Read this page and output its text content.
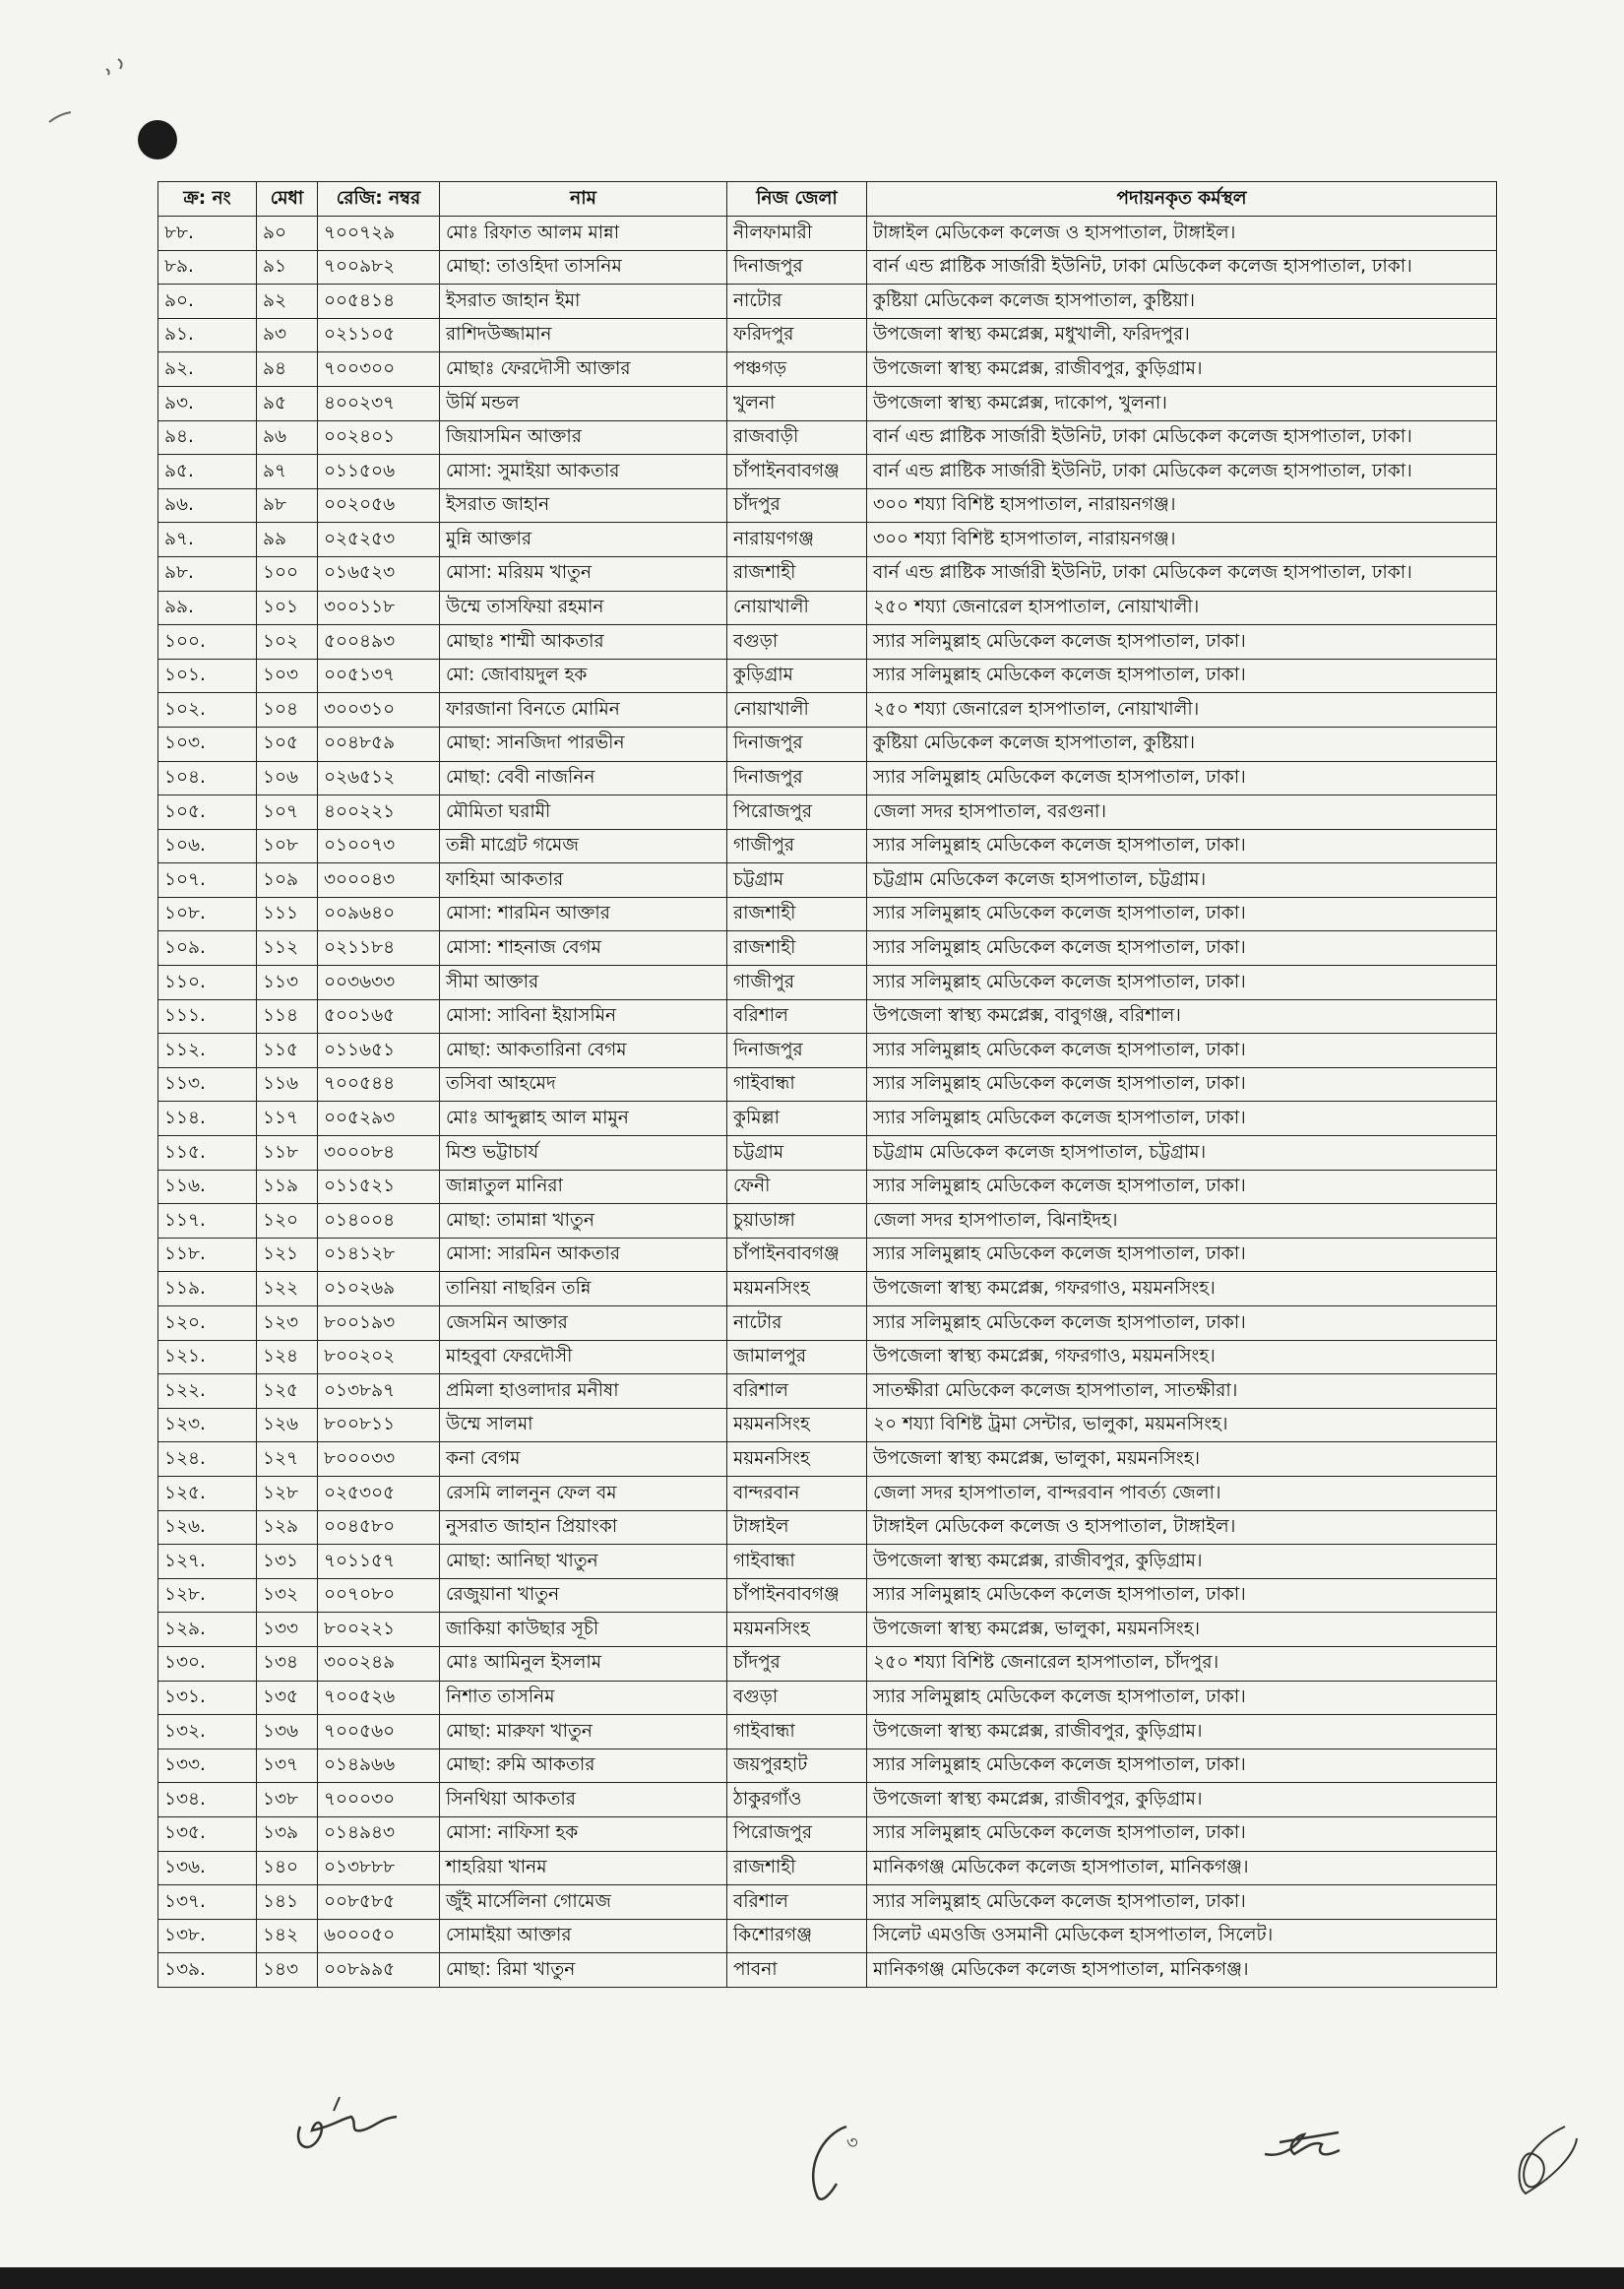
ক্র: নং	মেধা	রেজি: নম্বর	নাম	নিজ জেলা	পদায়নকৃত কর্মস্থল
৮৮.	৯০	৭০০৭২৯	মোঃ রিফাত আলম মান্না	নীলফামারী	টাঙ্গাইল মেডিকেল কলেজ ও হাসপাতাল, টাঙ্গাইল।
৮৯.	৯১	৭০০৯৮২	মোছা: তাওহিদা তাসনিম	দিনাজপুর	বার্ন এন্ড প্লাষ্টিক সার্জারী ইউনিট, ঢাকা মেডিকেল কলেজ হাসপাতাল, ঢাকা।
৯০.	৯২	০০৫৪১৪	ইসরাত জাহান ইমা	নাটোর	কুষ্টিয়া মেডিকেল কলেজ হাসপাতাল, কুষ্টিয়া।
৯১.	৯৩	০২১১০৫	রাশিদউজ্জামান	ফরিদপুর	উপজেলা স্বাস্থ্য কমপ্লেক্স, মধুখালী, ফরিদপুর।
৯২.	৯৪	৭০০৩০০	মোছাঃ ফেরদৌসী আক্তার	পঞ্চগড়	উপজেলা স্বাস্থ্য কমপ্লেক্স, রাজীবপুর, কুড়িগ্রাম।
৯৩.	৯৫	৪০০২৩৭	উর্মি মন্ডল	খুলনা	উপজেলা স্বাস্থ্য কমপ্লেক্স, দাকোপ, খুলনা।
৯৪.	৯৬	০০২৪০১	জিয়াসমিন আক্তার	রাজবাড়ী	বার্ন এন্ড প্লাষ্টিক সার্জারী ইউনিট, ঢাকা মেডিকেল কলেজ হাসপাতাল, ঢাকা।
৯৫.	৯৭	০১১৫০৬	মোসা: সুমাইয়া আকতার	চাঁপাইনবাবগঞ্জ	বার্ন এন্ড প্লাষ্টিক সার্জারী ইউনিট, ঢাকা মেডিকেল কলেজ হাসপাতাল, ঢাকা।
৯৬.	৯৮	০০২০৫৬	ইসরাত জাহান	চাঁদপুর	৩০০ শয্যা বিশিষ্ট হাসপাতাল, নারায়নগঞ্জ।
৯৭.	৯৯	০২৫২৫৩	মুন্নি আক্তার	নারায়ণগঞ্জ	৩০০ শয্যা বিশিষ্ট হাসপাতাল, নারায়নগঞ্জ।
৯৮.	১০০	০১৬৫২৩	মোসা: মরিয়ম খাতুন	রাজশাহী	বার্ন এন্ড প্লাষ্টিক সার্জারী ইউনিট, ঢাকা মেডিকেল কলেজ হাসপাতাল, ঢাকা।
৯৯.	১০১	৩০০১১৮	উম্মে তাসফিয়া রহমান	নোয়াখালী	২৫০ শয্যা জেনারেল হাসপাতাল, নোয়াখালী।
১০০.	১০২	৫০০৪৯৩	মোছাঃ শাম্মী আকতার	বগুড়া	স্যার সলিমুল্লাহ মেডিকেল কলেজ হাসপাতাল, ঢাকা।
১০১.	১০৩	০০৫১৩৭	মো: জোবায়দুল হক	কুড়িগ্রাম	স্যার সলিমুল্লাহ মেডিকেল কলেজ হাসপাতাল, ঢাকা।
১০২.	১০৪	৩০০৩১০	ফারজানা বিনতে মোমিন	নোয়াখালী	২৫০ শয্যা জেনারেল হাসপাতাল, নোয়াখালী।
১০৩.	১০৫	০০৪৮৫৯	মোছা: সানজিদা পারভীন	দিনাজপুর	কুষ্টিয়া মেডিকেল কলেজ হাসপাতাল, কুষ্টিয়া।
১০৪.	১০৬	০২৬৫১২	মোছা: বেবী নাজনিন	দিনাজপুর	স্যার সলিমুল্লাহ মেডিকেল কলেজ হাসপাতাল, ঢাকা।
১০৫.	১০৭	৪০০২২১	মৌমিতা ঘরামী	পিরোজপুর	জেলা সদর হাসপাতাল, বরগুনা।
১০৬.	১০৮	০১০০৭৩	তন্নী মাগ্রেট গমেজ	গাজীপুর	স্যার সলিমুল্লাহ মেডিকেল কলেজ হাসপাতাল, ঢাকা।
১০৭.	১০৯	৩০০০৪৩	ফাহিমা আকতার	চট্টগ্রাম	চট্টগ্রাম মেডিকেল কলেজ হাসপাতাল, চট্টগ্রাম।
১০৮.	১১১	০০৯৬৪০	মোসা: শারমিন আক্তার	রাজশাহী	স্যার সলিমুল্লাহ মেডিকেল কলেজ হাসপাতাল, ঢাকা।
১০৯.	১১২	০২১১৮৪	মোসা: শাহনাজ বেগম	রাজশাহী	স্যার সলিমুল্লাহ মেডিকেল কলেজ হাসপাতাল, ঢাকা।
১১০.	১১৩	০০৩৬৩৩	সীমা আক্তার	গাজীপুর	স্যার সলিমুল্লাহ মেডিকেল কলেজ হাসপাতাল, ঢাকা।
১১১.	১১৪	৫০০১৬৫	মোসা: সাবিনা ইয়াসমিন	বরিশাল	উপজেলা স্বাস্থ্য কমপ্লেক্স, বাবুগঞ্জ, বরিশাল।
১১২.	১১৫	০১১৬৫১	মোছা: আকতারিনা বেগম	দিনাজপুর	স্যার সলিমুল্লাহ মেডিকেল কলেজ হাসপাতাল, ঢাকা।
১১৩.	১১৬	৭০০৫৪৪	তসিবা আহমেদ	গাইবান্ধা	স্যার সলিমুল্লাহ মেডিকেল কলেজ হাসপাতাল, ঢাকা।
১১৪.	১১৭	০০৫২৯৩	মোঃ আব্দুল্লাহ আল মামুন	কুমিল্লা	স্যার সলিমুল্লাহ মেডিকেল কলেজ হাসপাতাল, ঢাকা।
১১৫.	১১৮	৩০০০৮৪	মিশু ভট্টাচার্য	চট্টগ্রাম	চট্টগ্রাম মেডিকেল কলেজ হাসপাতাল, চট্টগ্রাম।
১১৬.	১১৯	০১১৫২১	জান্নাতুল মানিরা	ফেনী	স্যার সলিমুল্লাহ মেডিকেল কলেজ হাসপাতাল, ঢাকা।
১১৭.	১২০	০১৪০০৪	মোছা: তামান্না খাতুন	চুয়াডাঙ্গা	জেলা সদর হাসপাতাল, ঝিনাইদহ।
১১৮.	১২১	০১৪১২৮	মোসা: সারমিন আকতার	চাঁপাইনবাবগঞ্জ	স্যার সলিমুল্লাহ মেডিকেল কলেজ হাসপাতাল, ঢাকা।
১১৯.	১২২	০১০২৬৯	তানিয়া নাছরিন তন্নি	ময়মনসিংহ	উপজেলা স্বাস্থ্য কমপ্লেক্স, গফরগাও, ময়মনসিংহ।
১২০.	১২৩	৮০০১৯৩	জেসমিন আক্তার	নাটোর	স্যার সলিমুল্লাহ মেডিকেল কলেজ হাসপাতাল, ঢাকা।
১২১.	১২৪	৮০০২০২	মাহবুবা ফেরদৌসী	জামালপুর	উপজেলা স্বাস্থ্য কমপ্লেক্স, গফরগাও, ময়মনসিংহ।
১২২.	১২৫	০১৩৮৯৭	প্রমিলা হাওলাদার মনীষা	বরিশাল	সাতক্ষীরা মেডিকেল কলেজ হাসপাতাল, সাতক্ষীরা।
১২৩.	১২৬	৮০০৮১১	উম্মে সালমা	ময়মনসিংহ	২০ শয্যা বিশিষ্ট ট্রমা সেন্টার, ভালুকা, ময়মনসিংহ।
১২৪.	১২৭	৮০০০৩৩	কনা বেগম	ময়মনসিংহ	উপজেলা স্বাস্থ্য কমপ্লেক্স, ভালুকা, ময়মনসিংহ।
১২৫.	১২৮	০২৫৩০৫	রেসমি লালনুন ফেল বম	বান্দরবান	জেলা সদর হাসপাতাল, বান্দরবান পাবর্ত্য জেলা।
১২৬.	১২৯	০০৪৫৮০	নুসরাত জাহান প্রিয়াংকা	টাঙ্গাইল	টাঙ্গাইল মেডিকেল কলেজ ও হাসপাতাল, টাঙ্গাইল।
১২৭.	১৩১	৭০১১৫৭	মোছা: আনিছা খাতুন	গাইবান্ধা	উপজেলা স্বাস্থ্য কমপ্লেক্স, রাজীবপুর, কুড়িগ্রাম।
১২৮.	১৩২	০০৭০৮০	রেজুয়ানা খাতুন	চাঁপাইনবাবগঞ্জ	স্যার সলিমুল্লাহ মেডিকেল কলেজ হাসপাতাল, ঢাকা।
১২৯.	১৩৩	৮০০২২১	জাকিয়া কাউছার সূচী	ময়মনসিংহ	উপজেলা স্বাস্থ্য কমপ্লেক্স, ভালুকা, ময়মনসিংহ।
১৩০.	১৩৪	৩০০২৪৯	মোঃ আমিনুল ইসলাম	চাঁদপুর	২৫০ শয্যা বিশিষ্ট জেনারেল হাসপাতাল, চাঁদপুর।
১৩১.	১৩৫	৭০০৫২৬	নিশাত তাসনিম	বগুড়া	স্যার সলিমুল্লাহ মেডিকেল কলেজ হাসপাতাল, ঢাকা।
১৩২.	১৩৬	৭০০৫৬০	মোছা: মারুফা খাতুন	গাইবান্ধা	উপজেলা স্বাস্থ্য কমপ্লেক্স, রাজীবপুর, কুড়িগ্রাম।
১৩৩.	১৩৭	০১৪৯৬৬	মোছা: রুমি আকতার	জয়পুরহাট	স্যার সলিমুল্লাহ মেডিকেল কলেজ হাসপাতাল, ঢাকা।
১৩৪.	১৩৮	৭০০০৩০	সিনথিয়া আকতার	ঠাকুরগাঁও	উপজেলা স্বাস্থ্য কমপ্লেক্স, রাজীবপুর, কুড়িগ্রাম।
১৩৫.	১৩৯	০১৪৯৪৩	মোসা: নাফিসা হক	পিরোজপুর	স্যার সলিমুল্লাহ মেডিকেল কলেজ হাসপাতাল, ঢাকা।
১৩৬.	১৪০	০১৩৮৮৮	শাহরিয়া খানম	রাজশাহী	মানিকগঞ্জ মেডিকেল কলেজ হাসপাতাল, মানিকগঞ্জ।
১৩৭.	১৪১	০০৮৫৮৫	জুঁই মার্সেলিনা গোমেজ	বরিশাল	স্যার সলিমুল্লাহ মেডিকেল কলেজ হাসপাতাল, ঢাকা।
১৩৮.	১৪২	৬০০০৫০	সোমাইয়া আক্তার	কিশোরগঞ্জ	সিলেট এমওজি ওসমানী মেডিকেল হাসপাতাল, সিলেট।
১৩৯.	১৪৩	০০৮৯৯৫	মোছা: রিমা খাতুন	পাবনা	মানিকগঞ্জ মেডিকেল কলেজ হাসপাতাল, মানিকগঞ্জ।
৩
